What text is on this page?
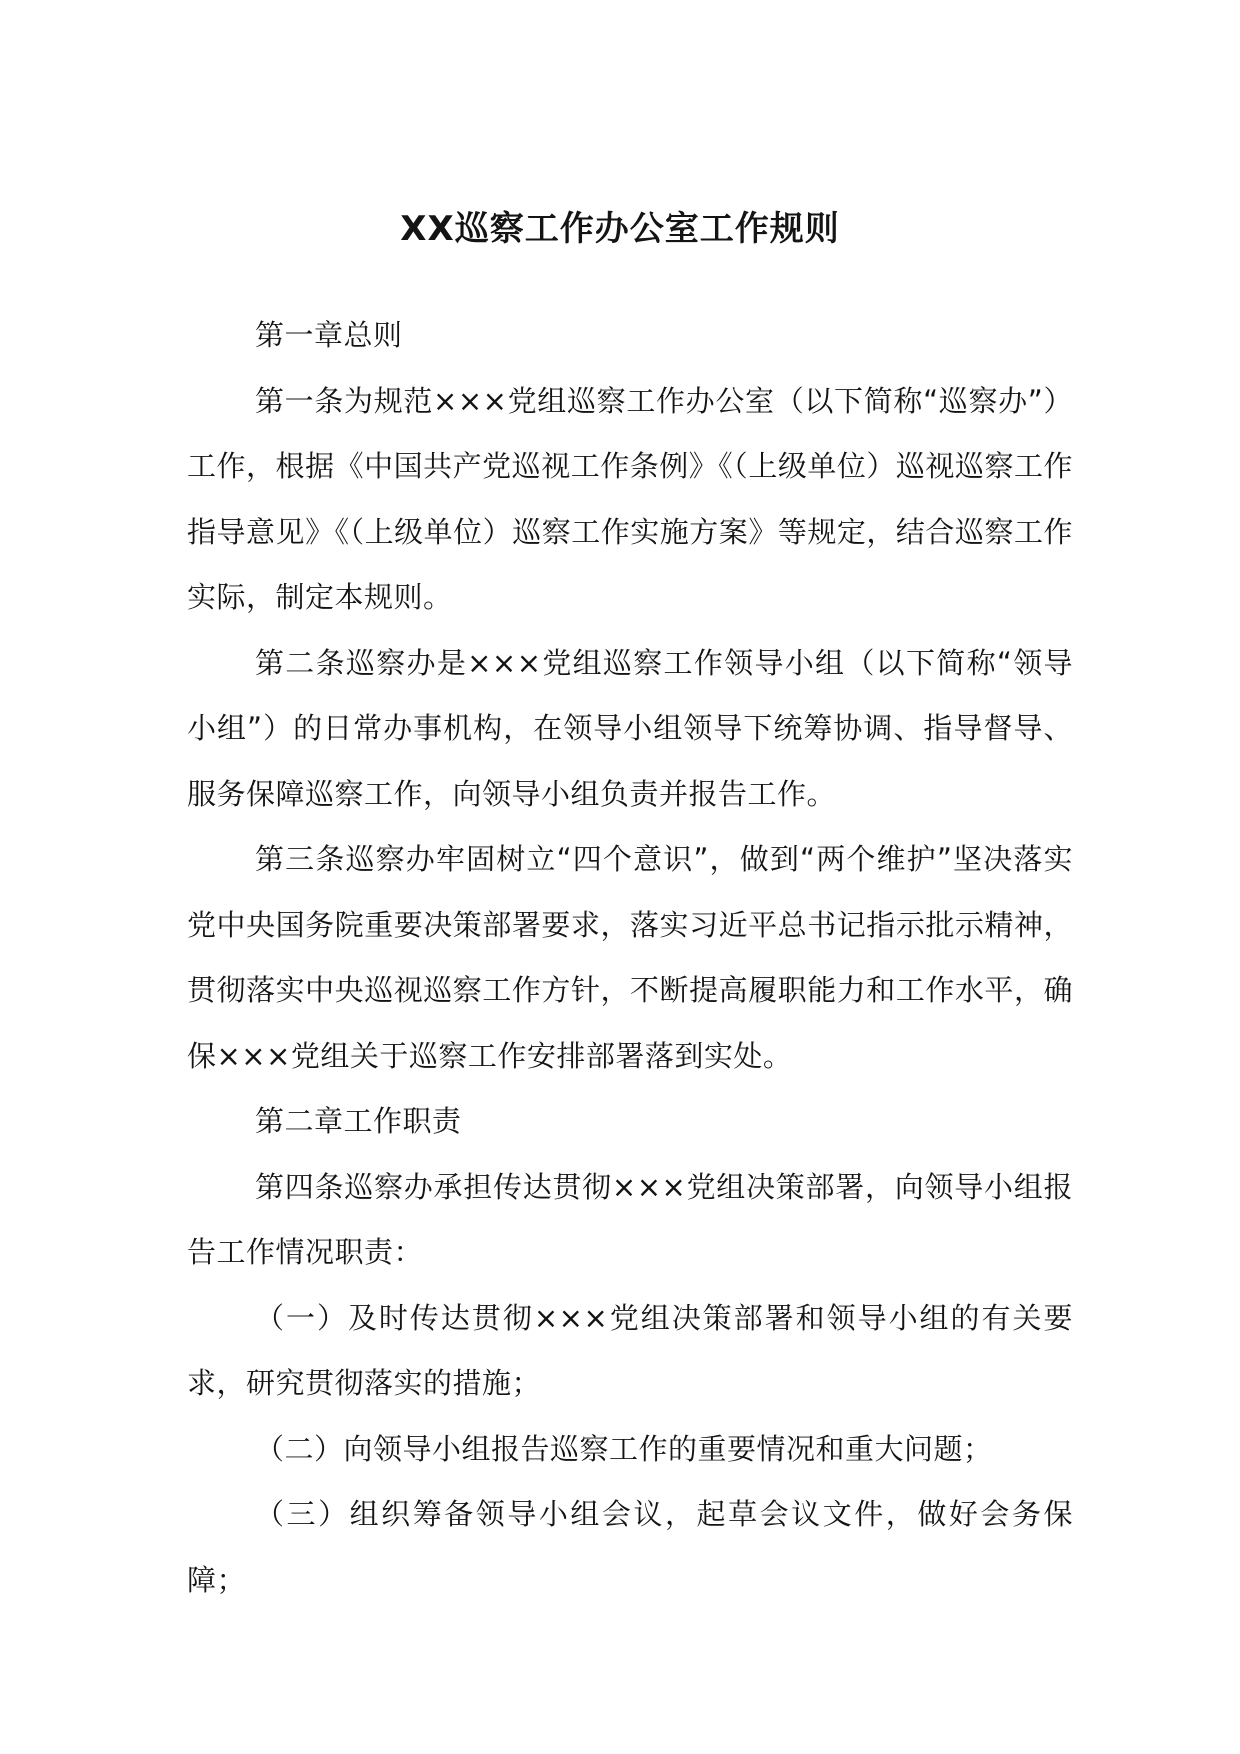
XX巡察工作办公室工作规则

第一章总则

第一条为规范×××党组巡察工作办公室（以下简称“巡察办”）工作，根据《中国共产党巡视工作条例》《（上级单位）巡视巡察工作指导意见》《（上级单位）巡察工作实施方案》等规定，结合巡察工作实际，制定本规则。

第二条巡察办是×××党组巡察工作领导小组（以下简称“领导小组”）的日常办事机构，在领导小组领导下统筹协调、指导督导、服务保障巡察工作，向领导小组负责并报告工作。

第三条巡察办牢固树立“四个意识”，做到“两个维护”坚决落实党中央国务院重要决策部署要求，落实习近平总书记指示批示精神，贯彻落实中央巡视巡察工作方针，不断提高履职能力和工作水平，确保×××党组关于巡察工作安排部署落到实处。

第二章工作职责

第四条巡察办承担传达贯彻×××党组决策部署，向领导小组报告工作情况职责：

（一）及时传达贯彻×××党组决策部署和领导小组的有关要求，研究贯彻落实的措施；

（二）向领导小组报告巡察工作的重要情况和重大问题；

（三）组织筹备领导小组会议，起草会议文件，做好会务保障；
